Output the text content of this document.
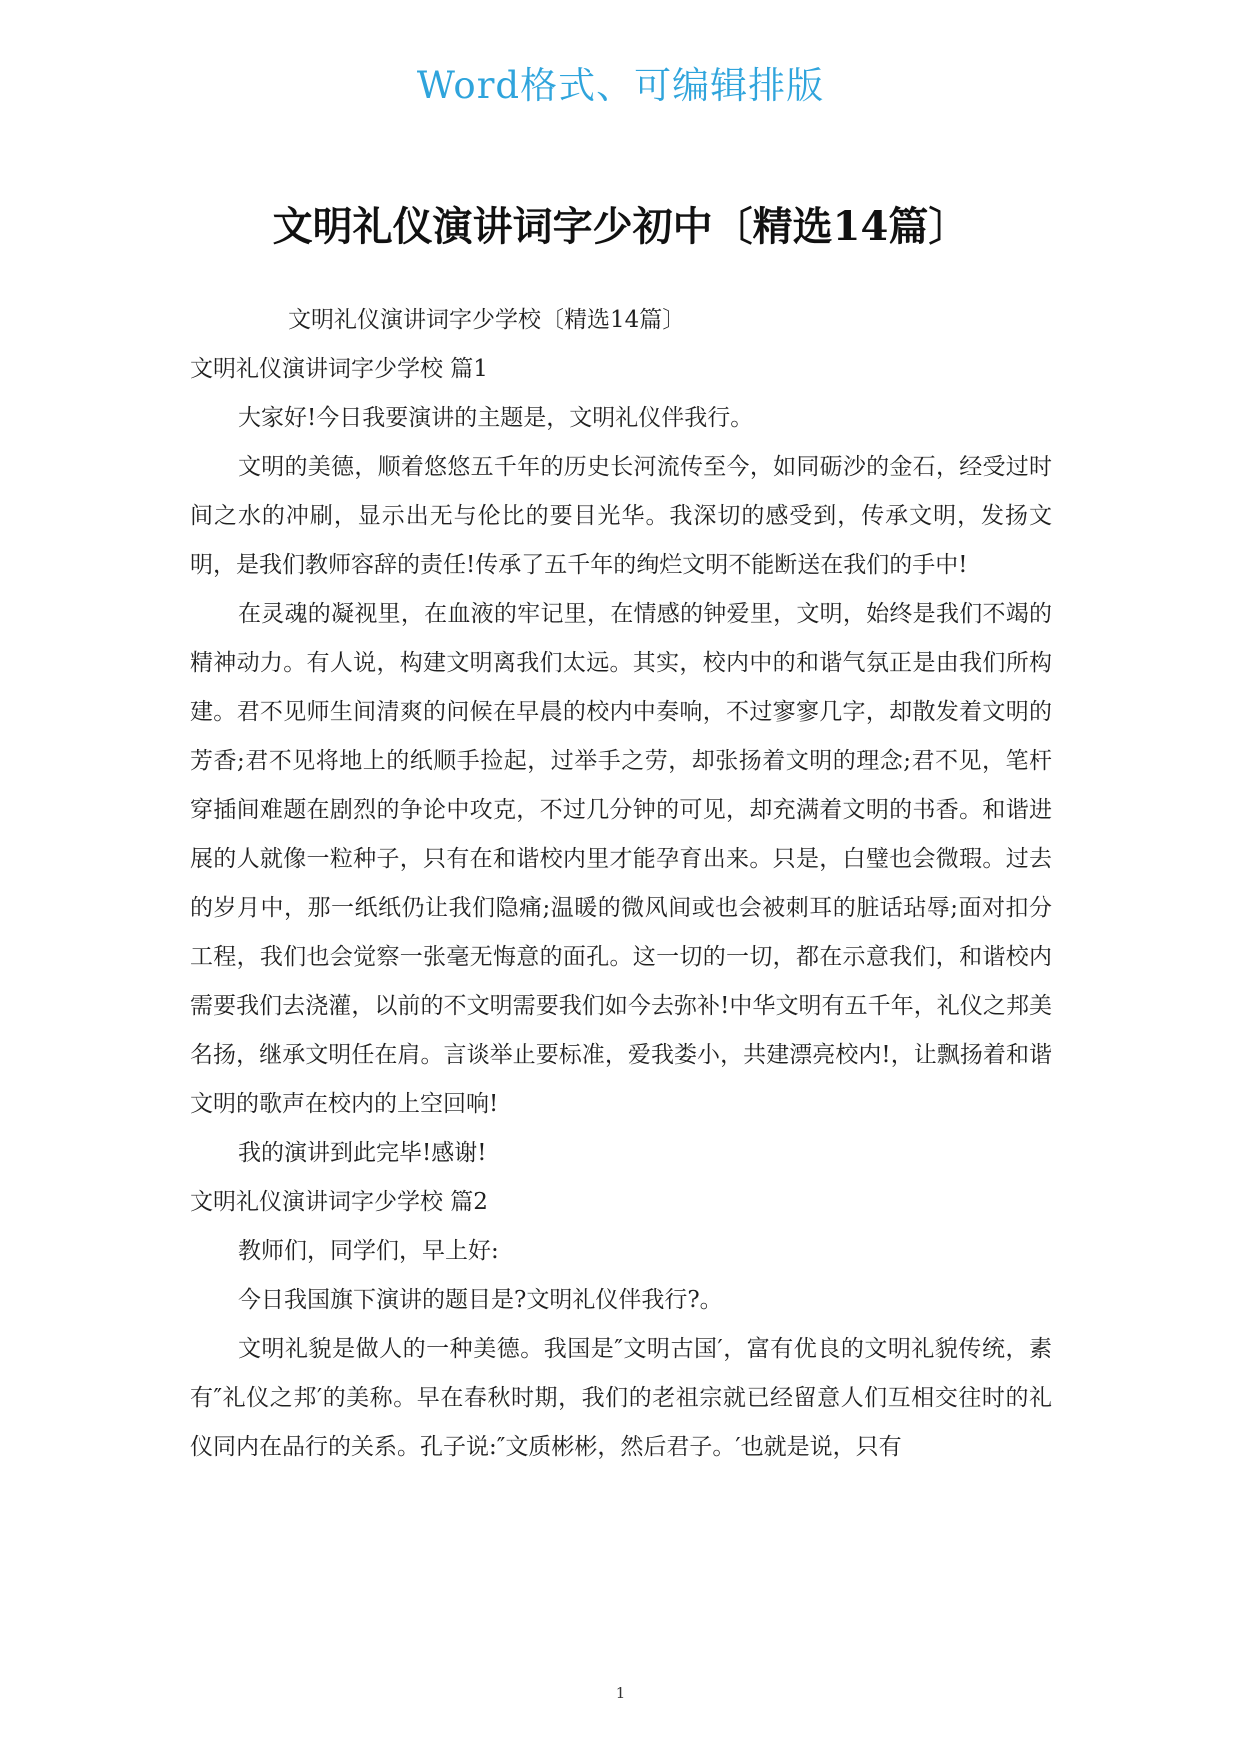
Word格式、可编辑排版
文明礼仪演讲词字少初中〔精选14篇〕

文明礼仪演讲词字少学校〔精选14篇〕

文明礼仪演讲词字少学校 篇1

大家好!今日我要演讲的主题是，文明礼仪伴我行。

文明的美德，顺着悠悠五千年的历史长河流传至今，如同砺沙的金石，经受过时间之水的冲刷，显示出无与伦比的要目光华。我深切的感受到，传承文明，发扬文明，是我们教师容辞的责任!传承了五千年的绚烂文明不能断送在我们的手中!

在灵魂的凝视里，在血液的牢记里，在情感的钟爱里，文明，始终是我们不竭的精神动力。有人说，构建文明离我们太远。其实，校内中的和谐气氛正是由我们所构建。君不见师生间清爽的问候在早晨的校内中奏响，不过寥寥几字，却散发着文明的芳香;君不见将地上的纸顺手捡起，过举手之劳，却张扬着文明的理念;君不见，笔杆穿插间难题在剧烈的争论中攻克，不过几分钟的可见，却充满着文明的书香。和谐进展的人就像一粒种子，只有在和谐校内里才能孕育出来。只是，白璧也会微瑕。过去的岁月中，那一纸纸仍让我们隐痛;温暖的微风间或也会被刺耳的脏话玷辱;面对扣分工程，我们也会觉察一张毫无悔意的面孔。这一切的一切，都在示意我们，和谐校内需要我们去浇灌，以前的不文明需要我们如今去弥补!中华文明有五千年，礼仪之邦美名扬，继承文明任在肩。言谈举止要标准，爱我娄小，共建漂亮校内!，让飘扬着和谐文明的歌声在校内的上空回响!

我的演讲到此完毕!感谢!

文明礼仪演讲词字少学校 篇2

教师们，同学们，早上好:

今日我国旗下演讲的题目是?文明礼仪伴我行?。

文明礼貌是做人的一种美德。我国是″文明古国′，富有优良的文明礼貌传统，素有″礼仪之邦′的美称。早在春秋时期，我们的老祖宗就已经留意人们互相交往时的礼仪同内在品行的关系。孔子说:″文质彬彬，然后君子。′也就是说，只有

1
